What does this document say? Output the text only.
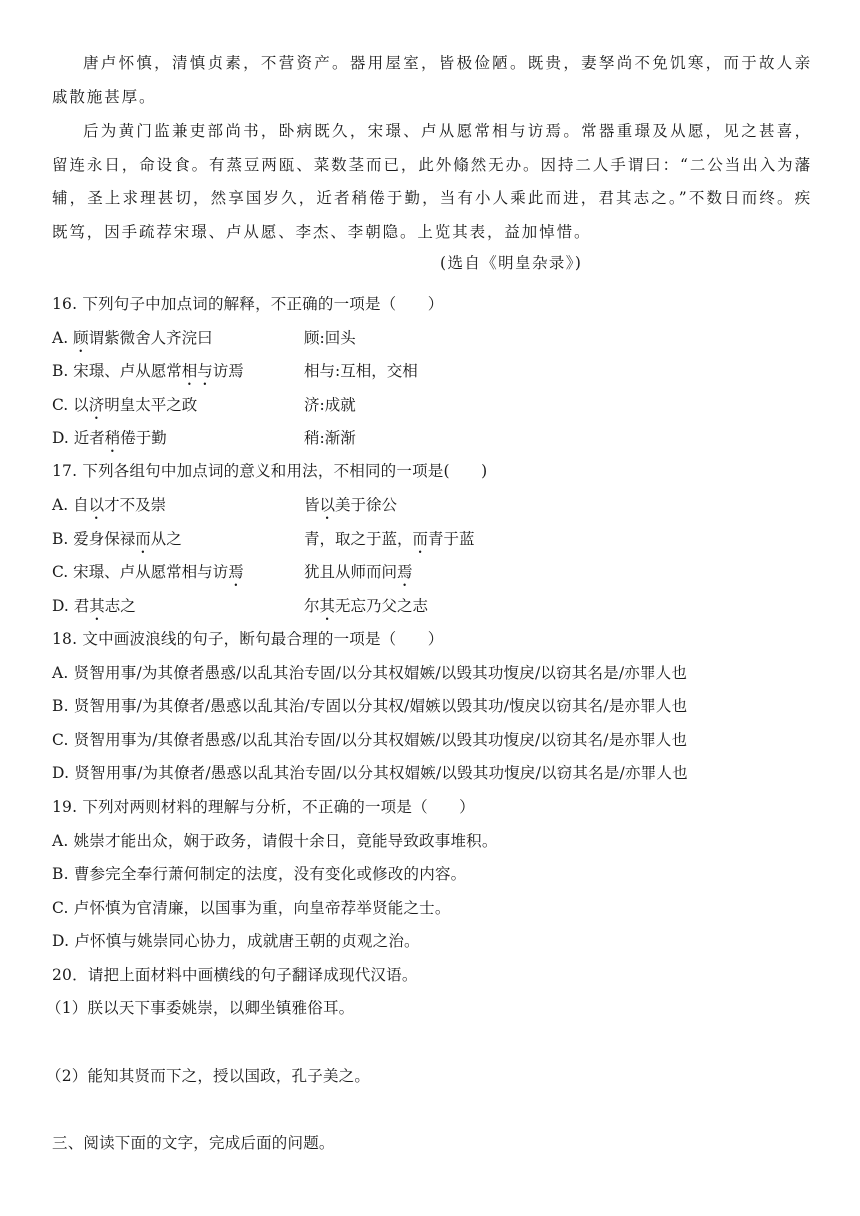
唐卢怀慎，清慎贞素，不营资产。器用屋室，皆极俭陋。既贵，妻孥尚不免饥寒，而于故人亲戚散施甚厚。
后为黄门监兼吏部尚书，卧病既久，宋璟、卢从愿常相与访焉。常器重璟及从愿，见之甚喜，留连永日，命设食。有蒸豆两瓯、菜数茎而已，此外翛然无办。因持二人手谓曰：“二公当出入为藩辅，圣上求理甚切，然享国岁久，近者稍倦于勤，当有小人乘此而进，君其志之。”不数日而终。疾既笃，因手疏荐宋璟、卢从愿、李杰、李朝隐。上览其表，益加悼惜。
(选自《明皇杂录》)
16. 下列句子中加点词的解释，不正确的一项是（　　）
A. 顾谓紫微舍人齐浣曰	顾:回头
B. 宋璟、卢从愿常相与访焉	相与:互相，交相
C. 以济明皇太平之政	济:成就
D. 近者稍倦于勤	稍:渐渐
17. 下列各组句中加点词的意义和用法，不相同的一项是(　　)
A. 自以才不及崇	皆以美于徐公
B. 爱身保禄而从之	青，取之于蓝，而青于蓝
C. 宋璟、卢从愿常相与访焉	犹且从师而问焉
D. 君其志之	尔其无忘乃父之志
18. 文中画波浪线的句子，断句最合理的一项是（　　）
A. 贤智用事/为其僚者愚惑/以乱其治专固/以分其权媢嫉/以毁其功愎戾/以窃其名是/亦罪人也
B. 贤智用事/为其僚者/愚惑以乱其治/专固以分其权/媢嫉以毁其功/愎戾以窃其名/是亦罪人也
C. 贤智用事为/其僚者愚惑/以乱其治专固/以分其权媢嫉/以毁其功愎戾/以窃其名/是亦罪人也
D. 贤智用事/为其僚者/愚惑以乱其治专固/以分其权媢嫉/以毁其功愎戾/以窃其名是/亦罪人也
19. 下列对两则材料的理解与分析，不正确的一项是（　　）
A. 姚崇才能出众，娴于政务，请假十余日，竟能导致政事堆积。
B. 曹参完全奉行萧何制定的法度，没有变化或修改的内容。
C. 卢怀慎为官清廉，以国事为重，向皇帝荐举贤能之士。
D. 卢怀慎与姚崇同心协力，成就唐王朝的贞观之治。
20．请把上面材料中画横线的句子翻译成现代汉语。
（1）朕以天下事委姚崇，以卿坐镇雅俗耳。
（2）能知其贤而下之，授以国政，孔子美之。
三、阅读下面的文字，完成后面的问题。
